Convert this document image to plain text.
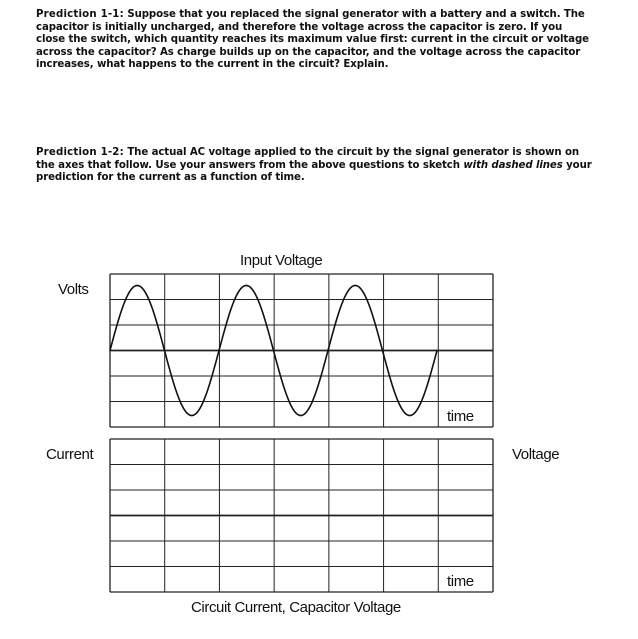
Prediction 1-1: Suppose that you replaced the signal generator with a battery and a switch. The capacitor is initially uncharged, and therefore the voltage across the capacitor is zero. If you close the switch, which quantity reaches its maximum value first: current in the circuit or voltage across the capacitor? As charge builds up on the capacitor, and the voltage across the capacitor increases, what happens to the current in the circuit? Explain.
Prediction 1-2: The actual AC voltage applied to the circuit by the signal generator is shown on the axes that follow. Use your answers from the above questions to sketch with dashed lines your prediction for the current as a function of time.
Input Voltage
Volts
time
Current	Voltage
time
Circuit Current, Capacitor Voltage
